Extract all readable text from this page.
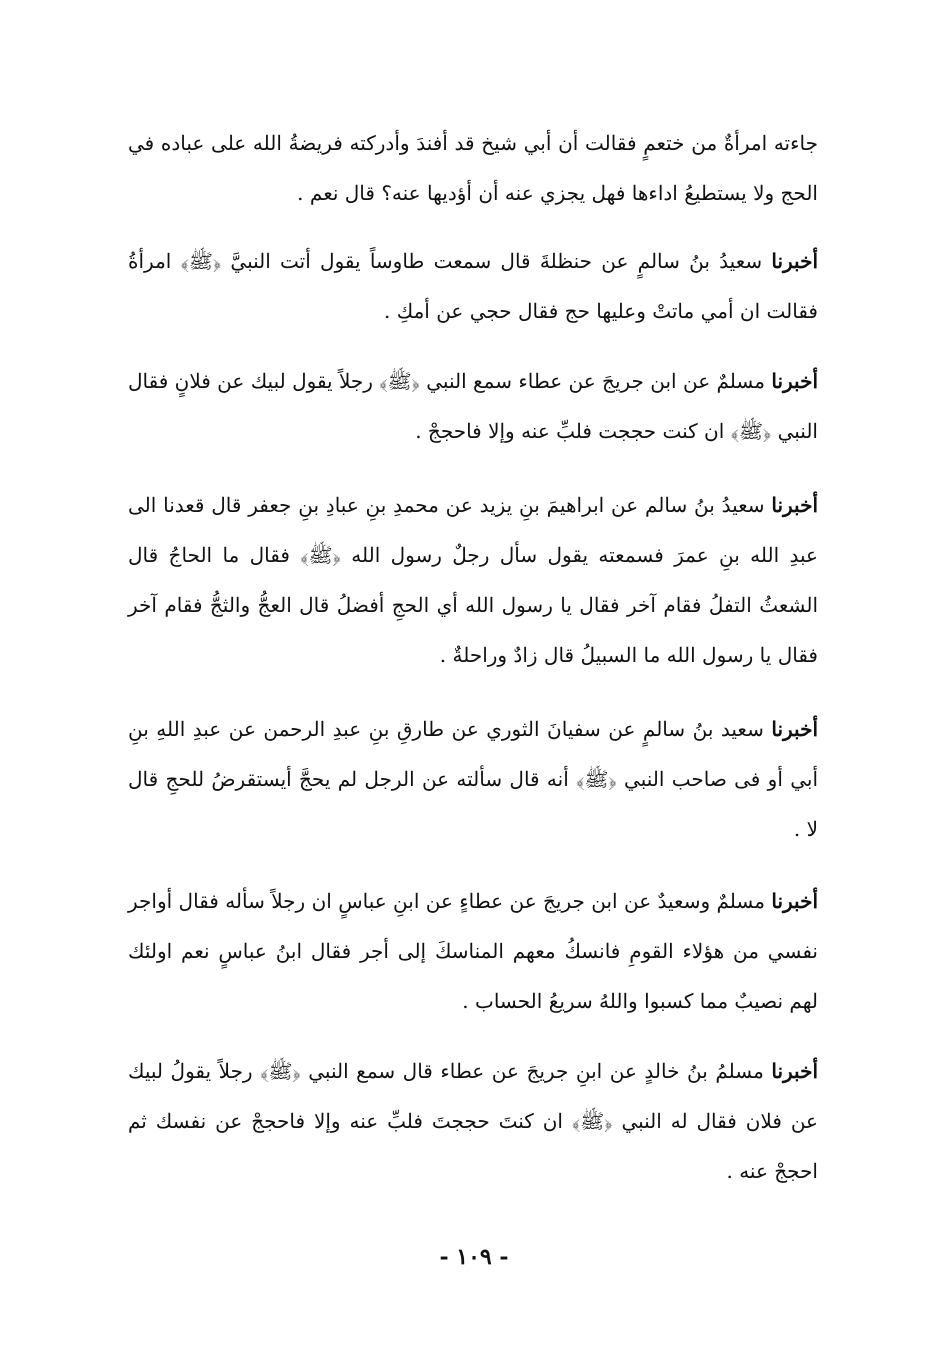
جاءته امرأةٌ من ختعمٍ فقالت أن أبي شيخ قد أفندَ وأدركته فريضةُ الله على عباده في الحج ولا يستطيعُ اداءها فهل يجزي عنه أن أؤديها عنه؟ قال نعم .

أخبرنا سعيدُ بنُ سالمٍ عن حنظلةَ قال سمعت طاوساً يقول أتت النبيَّ ﴿ﷺ﴾ امرأةُ فقالت ان أمي ماتتْ وعليها حج فقال حجي عن أمكِ .

أخبرنا مسلمٌ عن ابن جريجَ عن عطاء سمع النبي ﴿ﷺ﴾ رجلاً يقول لبيك عن فلانٍ فقال النبي ﴿ﷺ﴾ ان كنت حججت فلبِّ عنه وإلا فاحججْ .

أخبرنا سعيدُ بنُ سالم عن ابراهيمَ بنِ يزيد عن محمدِ بنِ عبادِ بنِ جعفر قال قعدنا الى عبدِ الله بنِ عمرَ فسمعته يقول سأل رجلٌ رسول الله ﴿ﷺ﴾ فقال ما الحاجُ قال الشعثُ التفلُ فقام آخر فقال يا رسول الله أي الحجِ أفضلُ قال العجُّ والثجُّ فقام آخر فقال يا رسول الله ما السبيلُ قال زادٌ وراحلةٌ .

أخبرنا سعيد بنُ سالمٍ عن سفيانَ الثوري عن طارقِ بنِ عبدِ الرحمن عن عبدِ اللهِ بنِ أبي أو فى صاحب النبي ﴿ﷺ﴾ أنه قال سألته عن الرجل لم يحجَّ أيستقرضُ للحجِ قال لا .

أخبرنا مسلمٌ وسعيدٌ عن ابن جريجَ عن عطاءٍ عن ابنِ عباسٍ ان رجلاً سأله فقال أواجر نفسي من هؤلاء القومِ فانسكُ معهم المناسكَ إلى أجر فقال ابنُ عباسٍ نعم اولئك لهم نصيبٌ مما كسبوا واللهُ سريعُ الحساب .

أخبرنا مسلمُ بنُ خالدٍ عن ابنِ جريجَ عن عطاء قال سمع النبي ﴿ﷺ﴾ رجلاً يقولُ لبيك عن فلان فقال له النبي ﴿ﷺ﴾ ان كنتَ حججتَ فلبِّ عنه وإلا فاحججْ عن نفسك ثم احججْ عنه .

- ١٠٩ -
